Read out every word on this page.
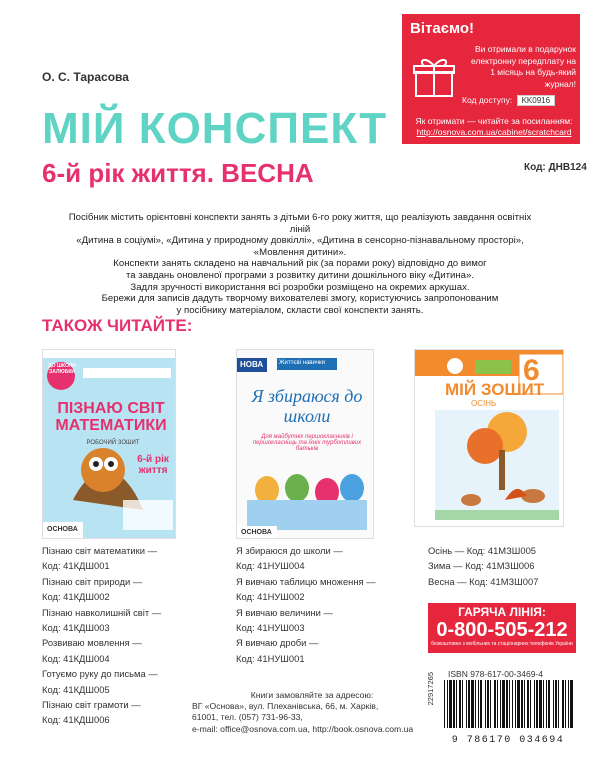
О. С. Тарасова
МІЙ КОНСПЕКТ
6-й рік життя. ВЕСНА	Код: ДНВ124
Вітаємо!
Ви отримали в подарунок електронну передплату на 1 місяць на будь-який журнал!
Код доступу: KK0916
Як отримати — читайте за посиланням:
http://osnova.com.ua/cabinet/scratchcard
Посібник містить орієнтовні конспекти занять з дітьми 6-го року життя, що реалізують завдання освітніх ліній
«Дитина в соціумі», «Дитина у природному довкіллі», «Дитина в сенсорно-пізнавальному просторі», «Мовлення дитини».
Конспекти занять складено на навчальний рік (за порами року) відповідно до вимог
та завдань оновленої програми з розвитку дитини дошкільного віку «Дитина».
Задля зручності використання всі розробки розміщено на окремих аркушах.
Бережи для записів дадуть творчому вихователеві змогу, користуючись запропонованим
у посібнику матеріалом, скласти свої конспекти занять.
ТАКОЖ ЧИТАЙТЕ:
ДО ШКОЛИ ЗАЛЮБКИ
ПІЗНАЮ СВІТ МАТЕМАТИКИ
РОБОЧИЙ ЗОШИТ
6-й рік життя
ОСНОВА
НОВА	Життєві навички
Я збираюся до школи
Для майбутніх першокласників і першокласниць та їхніх турботливих батьків
ОСНОВА
6
МІЙ ЗОШИТ
ОСІНЬ
Пізнаю світ математики —
Код: 41КДШ001
Пізнаю світ природи —
Код: 41КДШ002
Пізнаю навколишній світ —
Код: 41КДШ003
Розвиваю мовлення —
Код: 41КДШ004
Готуємо руку до письма —
Код: 41КДШ005
Пізнаю світ грамоти —
Код: 41КДШ006
Я збираюся до школи —
Код: 41НУШ004
Я вивчаю таблицю множення —
Код: 41НУШ002
Я вивчаю величини —
Код: 41НУШ003
Я вивчаю дроби —
Код: 41НУШ001
Осінь — Код: 41МЗШ005
Зима — Код: 41МЗШ006
Весна — Код: 41МЗШ007
ГАРЯЧА ЛІНІЯ:
0-800-505-212
безкоштовно з мобільних та стаціонарних телефонів України
ISBN 978-617-00-3469-4
22917265
9 786170 034694
Книги замовляйте за адресою:
ВГ «Основа», вул. Плеханівська, 66, м. Харків,
61001, тел. (057) 731-96-33,
e-mail: office@osnova.com.ua, http://book.osnova.com.ua
